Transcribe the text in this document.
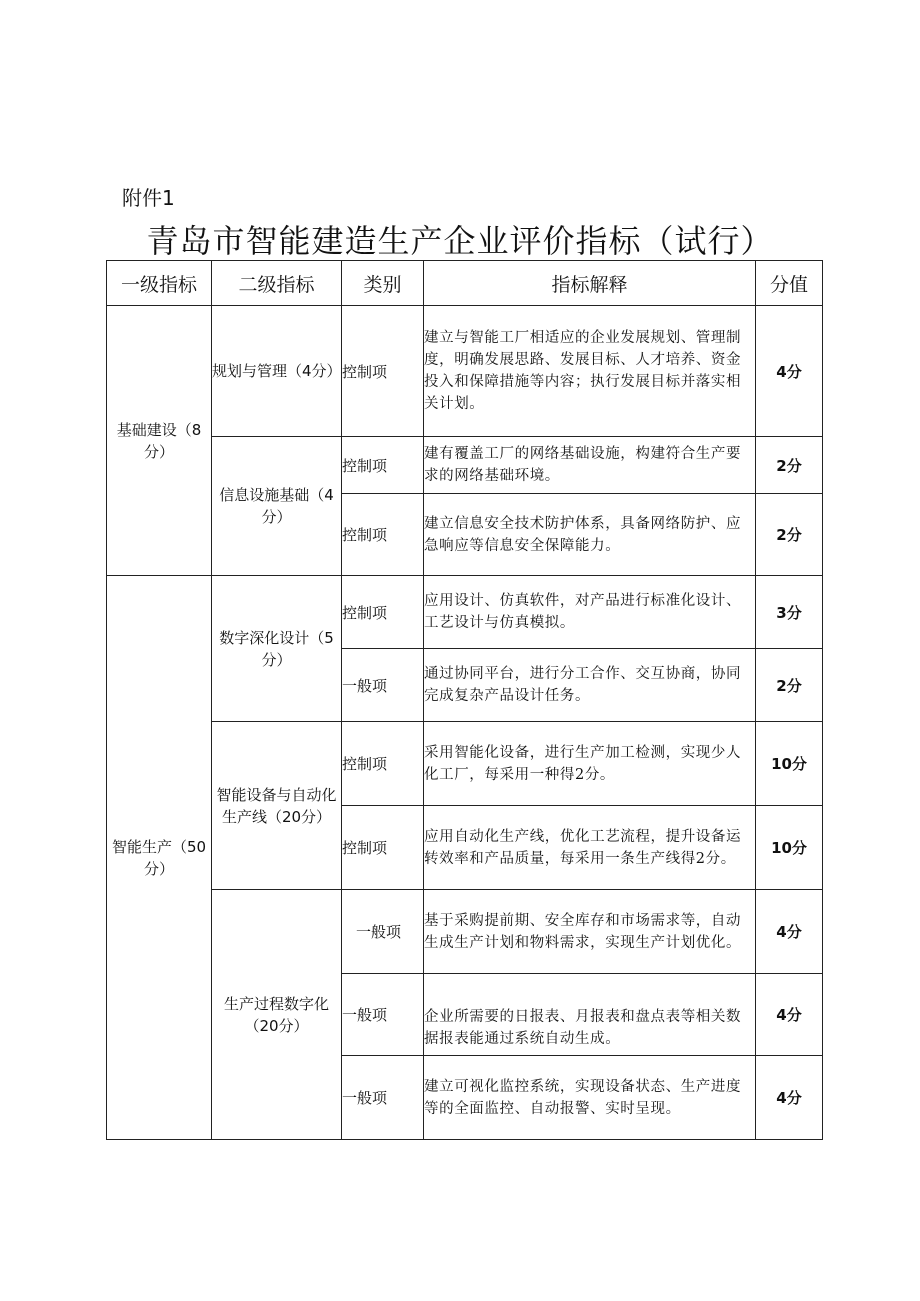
附件1
青岛市智能建造生产企业评价指标（试行）
一级指标	二级指标	类别	指标解释	分值
基础建设（8分）	规划与管理（4分）	控制项	建立与智能工厂相适应的企业发展规划、管理制度，明确发展思路、发展目标、人才培养、资金投入和保障措施等内容；执行发展目标并落实相关计划。	4分
	信息设施基础（4分）	控制项	建有覆盖工厂的网络基础设施，构建符合生产要求的网络基础环境。	2分
		控制项	建立信息安全技术防护体系，具备网络防护、应急响应等信息安全保障能力。	2分
智能生产（50分）	数字深化设计（5分）	控制项	应用设计、仿真软件，对产品进行标准化设计、工艺设计与仿真模拟。	3分
		一般项	通过协同平台，进行分工合作、交互协商，协同完成复杂产品设计任务。	2分
	智能设备与自动化生产线（20分）	控制项	采用智能化设备，进行生产加工检测，实现少人化工厂，每采用一种得2分。	10分
		控制项	应用自动化生产线，优化工艺流程，提升设备运转效率和产品质量，每采用一条生产线得2分。	10分
	生产过程数字化（20分）	一般项	基于采购提前期、安全库存和市场需求等，自动生成生产计划和物料需求，实现生产计划优化。	4分
		一般项	企业所需要的日报表、月报表和盘点表等相关数据报表能通过系统自动生成。	4分
		一般项	建立可视化监控系统，实现设备状态、生产进度等的全面监控、自动报警、实时呈现。	4分
